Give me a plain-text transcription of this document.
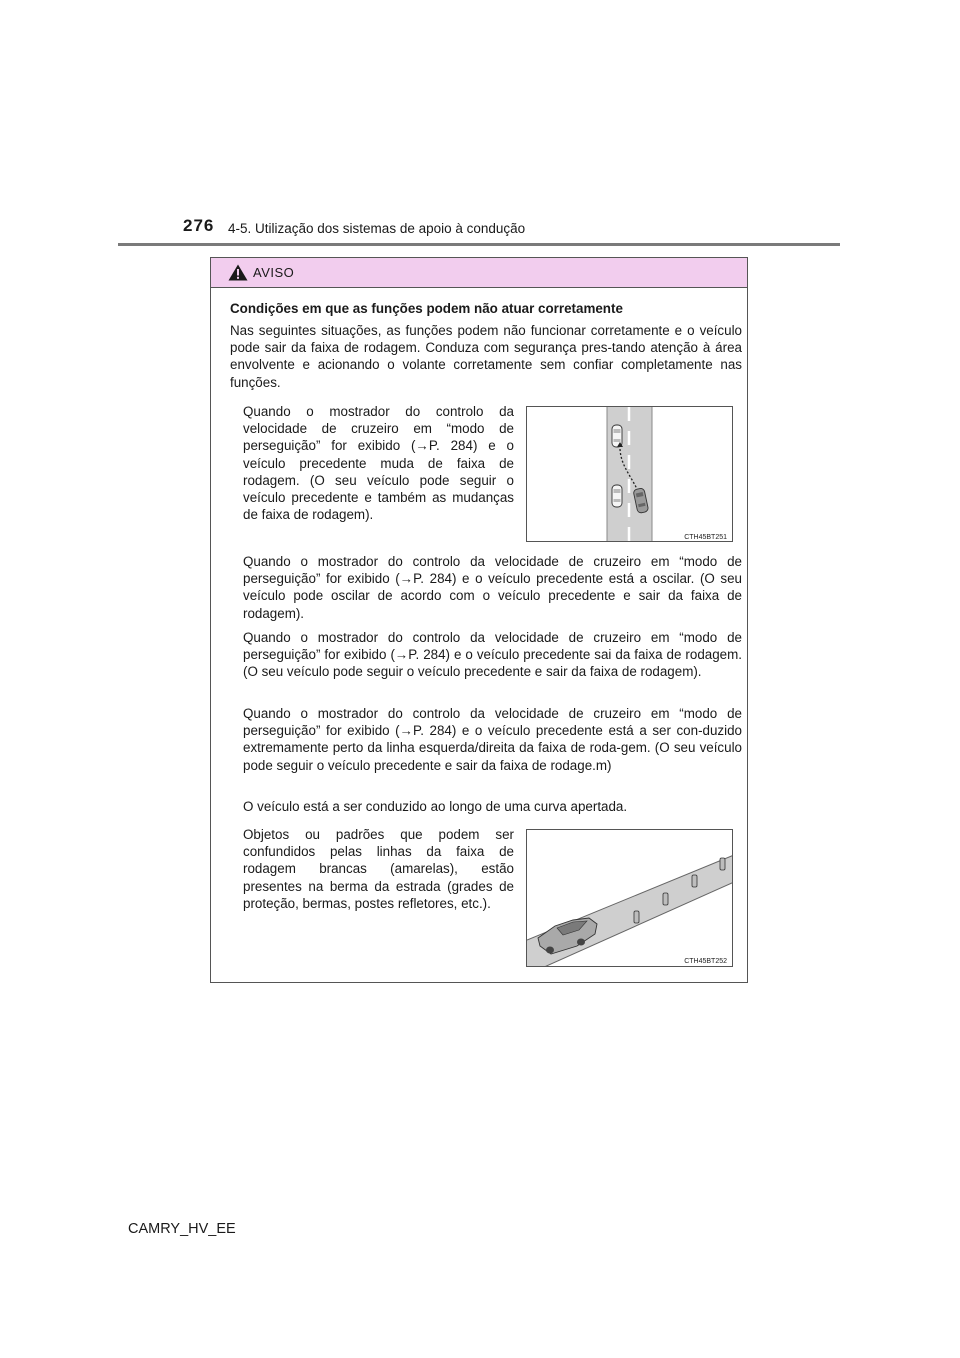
276 4-5. Utilização dos sistemas de apoio à condução
AVISO
Condições em que as funções podem não atuar corretamente
Nas seguintes situações, as funções podem não funcionar corretamente e o veículo pode sair da faixa de rodagem. Conduza com segurança pres-tando atenção à área envolvente e acionando o volante corretamente sem confiar completamente nas funções.
Quando o mostrador do controlo da velocidade de cruzeiro em “modo de perseguição” for exibido (→P. 284) e o veículo precedente muda de faixa de rodagem. (O seu veículo pode seguir o veículo precedente e também as mudanças de faixa de rodagem).
CTH45BT251
Quando o mostrador do controlo da velocidade de cruzeiro em “modo de perseguição” for exibido (→P. 284) e o veículo precedente está a oscilar. (O seu veículo pode oscilar de acordo com o veículo precedente e sair da faixa de rodagem).
Quando o mostrador do controlo da velocidade de cruzeiro em “modo de perseguição” for exibido (→P. 284) e o veículo precedente sai da faixa de rodagem. (O seu veículo pode seguir o veículo precedente e sair da faixa de rodagem).
Quando o mostrador do controlo da velocidade de cruzeiro em “modo de perseguição” for exibido (→P. 284) e o veículo precedente está a ser con-duzido extremamente perto da linha esquerda/direita da faixa de roda-gem. (O seu veículo pode seguir o veículo precedente e sair da faixa de rodage.m)
O veículo está a ser conduzido ao longo de uma curva apertada.
Objetos ou padrões que podem ser confundidos pelas linhas da faixa de rodagem brancas (amarelas), estão presentes na berma da estrada (grades de proteção, bermas, postes refletores, etc.).
CTH45BT252
CAMRY_HV_EE
